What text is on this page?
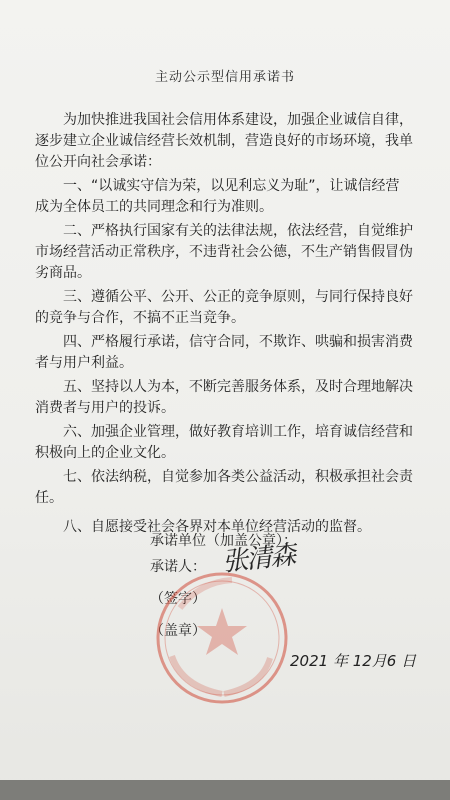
主动公示型信用承诺书

为加快推进我国社会信用体系建设，加强企业诚信自律，逐步建立企业诚信经营长效机制，营造良好的市场环境，我单位公开向社会承诺：

一、“以诚实守信为荣，以见利忘义为耻”，让诚信经营成为全体员工的共同理念和行为准则。

二、严格执行国家有关的法律法规，依法经营，自觉维护市场经营活动正常秩序，不违背社会公德，不生产销售假冒伪劣商品。

三、遵循公平、公开、公正的竞争原则，与同行保持良好的竞争与合作，不搞不正当竞争。

四、严格履行承诺，信守合同，不欺诈、哄骗和损害消费者与用户利益。

五、坚持以人为本，不断完善服务体系，及时合理地解决消费者与用户的投诉。

六、加强企业管理，做好教育培训工作，培育诚信经营和积极向上的企业文化。

七、依法纳税，自觉参加各类公益活动，积极承担社会责任。

八、自愿接受社会各界对本单位经营活动的监督。

承诺单位（加盖公章）：
承诺人： 张清森
（签字）
（盖章）
2021 年 12月6 日
